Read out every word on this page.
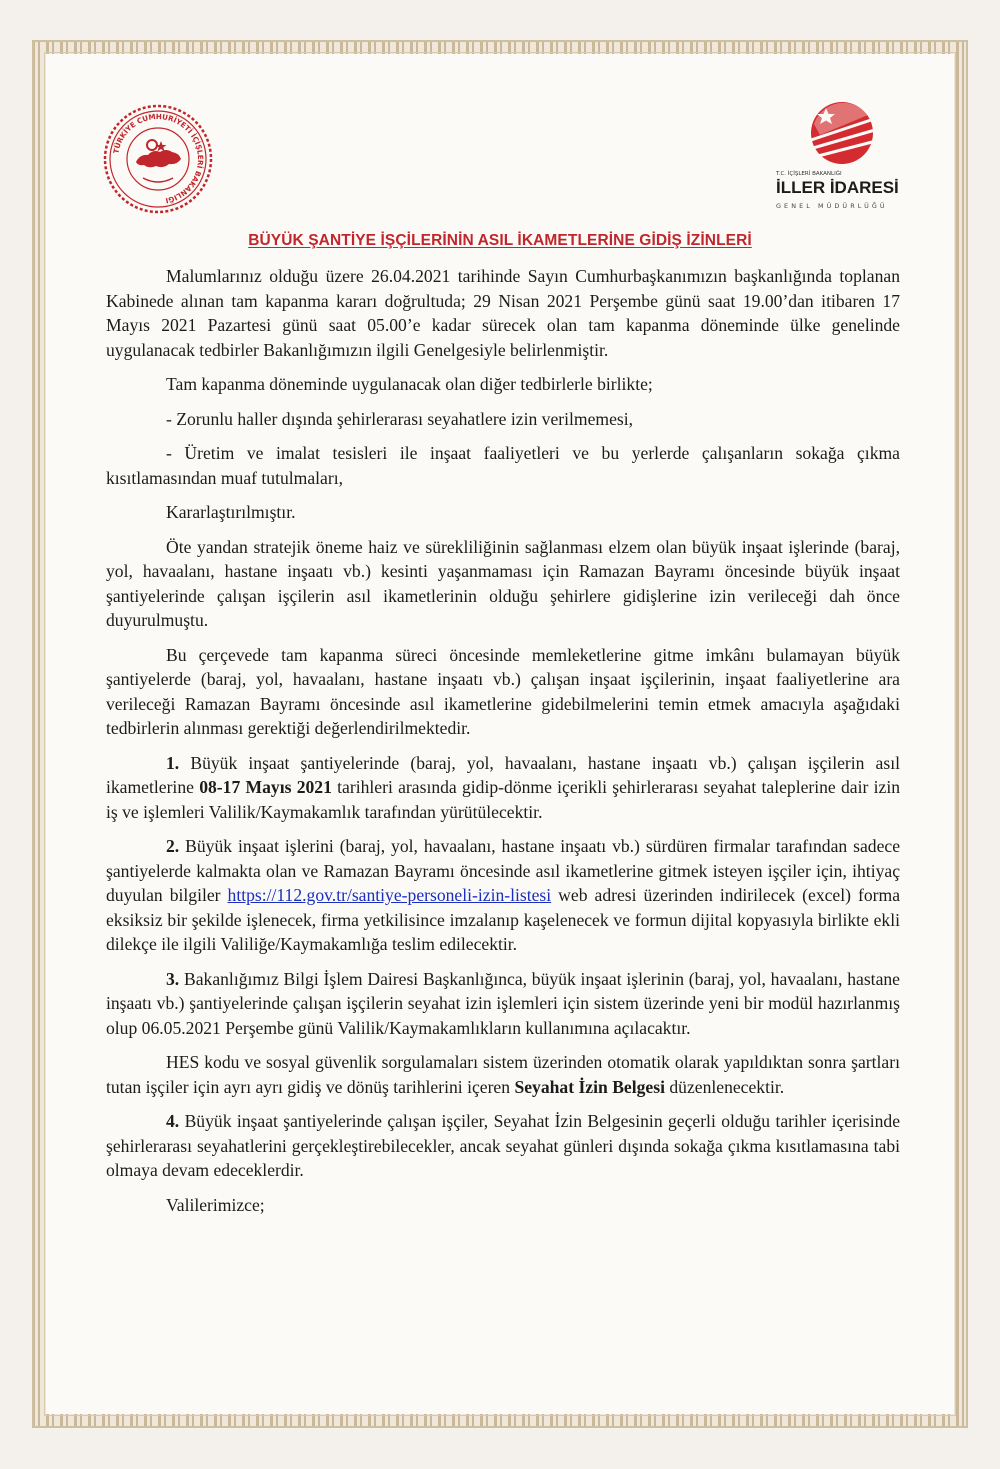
TÜRKİYE CUMHURİYETİ İÇİŞLERİ BAKANLIĞI
T.C. İÇİŞLERİ BAKANLIĞI
İLLER İDARESİ
GENEL MÜDÜRLÜĞÜ
BÜYÜK ŞANTİYE İŞÇİLERİNİN ASIL İKAMETLERİNE GİDİŞ İZİNLERİ

Malumlarınız olduğu üzere 26.04.2021 tarihinde Sayın Cumhurbaşkanımızın başkanlığında toplanan Kabinede alınan tam kapanma kararı doğrultuda; 29 Nisan 2021 Perşembe günü saat 19.00’dan itibaren 17 Mayıs 2021 Pazartesi günü saat 05.00’e kadar sürecek olan tam kapanma döneminde ülke genelinde uygulanacak tedbirler Bakanlığımızın ilgili Genelgesiyle belirlenmiştir.

Tam kapanma döneminde uygulanacak olan diğer tedbirlerle birlikte;

- Zorunlu haller dışında şehirlerarası seyahatlere izin verilmemesi,

- Üretim ve imalat tesisleri ile inşaat faaliyetleri ve bu yerlerde çalışanların sokağa çıkma kısıtlamasından muaf tutulmaları,

Kararlaştırılmıştır.

Öte yandan stratejik öneme haiz ve sürekliliğinin sağlanması elzem olan büyük inşaat işlerinde (baraj, yol, havaalanı, hastane inşaatı vb.) kesinti yaşanmaması için Ramazan Bayramı öncesinde büyük inşaat şantiyelerinde çalışan işçilerin asıl ikametlerinin olduğu şehirlere gidişlerine izin verileceği dah önce duyurulmuştu.

Bu çerçevede tam kapanma süreci öncesinde memleketlerine gitme imkânı bulamayan büyük şantiyelerde (baraj, yol, havaalanı, hastane inşaatı vb.) çalışan inşaat işçilerinin, inşaat faaliyetlerine ara verileceği Ramazan Bayramı öncesinde asıl ikametlerine gidebilmelerini temin etmek amacıyla aşağıdaki tedbirlerin alınması gerektiği değerlendirilmektedir.

1. Büyük inşaat şantiyelerinde (baraj, yol, havaalanı, hastane inşaatı vb.) çalışan işçilerin asıl ikametlerine 08-17 Mayıs 2021 tarihleri arasında gidip-dönme içerikli şehirlerarası seyahat taleplerine dair izin iş ve işlemleri Valilik/Kaymakamlık tarafından yürütülecektir.

2. Büyük inşaat işlerini (baraj, yol, havaalanı, hastane inşaatı vb.) sürdüren firmalar tarafından sadece şantiyelerde kalmakta olan ve Ramazan Bayramı öncesinde asıl ikametlerine gitmek isteyen işçiler için, ihtiyaç duyulan bilgiler https://112.gov.tr/santiye-personeli-izin-listesi web adresi üzerinden indirilecek (excel) forma eksiksiz bir şekilde işlenecek, firma yetkilisince imzalanıp kaşelenecek ve formun dijital kopyasıyla birlikte ekli dilekçe ile ilgili Valiliğe/Kaymakamlığa teslim edilecektir.

3. Bakanlığımız Bilgi İşlem Dairesi Başkanlığınca, büyük inşaat işlerinin (baraj, yol, havaalanı, hastane inşaatı vb.) şantiyelerinde çalışan işçilerin seyahat izin işlemleri için sistem üzerinde yeni bir modül hazırlanmış olup 06.05.2021 Perşembe günü Valilik/Kaymakamlıkların kullanımına açılacaktır.

HES kodu ve sosyal güvenlik sorgulamaları sistem üzerinden otomatik olarak yapıldıktan sonra şartları tutan işçiler için ayrı ayrı gidiş ve dönüş tarihlerini içeren Seyahat İzin Belgesi düzenlenecektir.

4. Büyük inşaat şantiyelerinde çalışan işçiler, Seyahat İzin Belgesinin geçerli olduğu tarihler içerisinde şehirlerarası seyahatlerini gerçekleştirebilecekler, ancak seyahat günleri dışında sokağa çıkma kısıtlamasına tabi olmaya devam edeceklerdir.

Valilerimizce;
